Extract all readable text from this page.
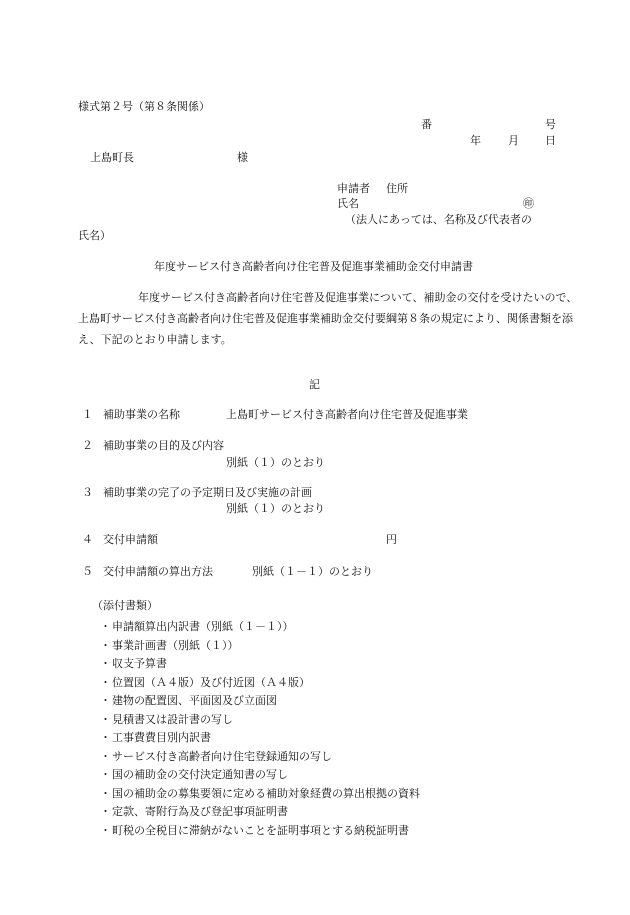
様式第２号（第８条関係）
番	号
年 月 日
上島町長	様
申請者 住所
氏名	㊞
（法人にあっては、名称及び代表者の
氏名）
年度サービス付き高齢者向け住宅普及促進事業補助金交付申請書
年度サービス付き高齢者向け住宅普及促進事業について、補助金の交付を受けたいので、上島町サービス付き高齢者向け住宅普及促進事業補助金交付要綱第８条の規定により、関係書類を添え、下記のとおり申請します。
記
１ 補助事業の名称	上島町サービス付き高齢者向け住宅普及促進事業
２ 補助事業の目的及び内容
別紙（１）のとおり
３ 補助事業の完了の予定期日及び実施の計画
別紙（１）のとおり
４ 交付申請額	円
５ 交付申請額の算出方法	別紙（１－１）のとおり
（添付書類）
・申請額算出内訳書（別紙（１－１））
・事業計画書（別紙（１））
・収支予算書
・位置図（Ａ４版）及び付近図（Ａ４版）
・建物の配置図、平面図及び立面図
・見積書又は設計書の写し
・工事費費目別内訳書
・サービス付き高齢者向け住宅登録通知の写し
・国の補助金の交付決定通知書の写し
・国の補助金の募集要領に定める補助対象経費の算出根拠の資料
・定款、寄附行為及び登記事項証明書
・町税の全税目に滞納がないことを証明事項とする納税証明書
